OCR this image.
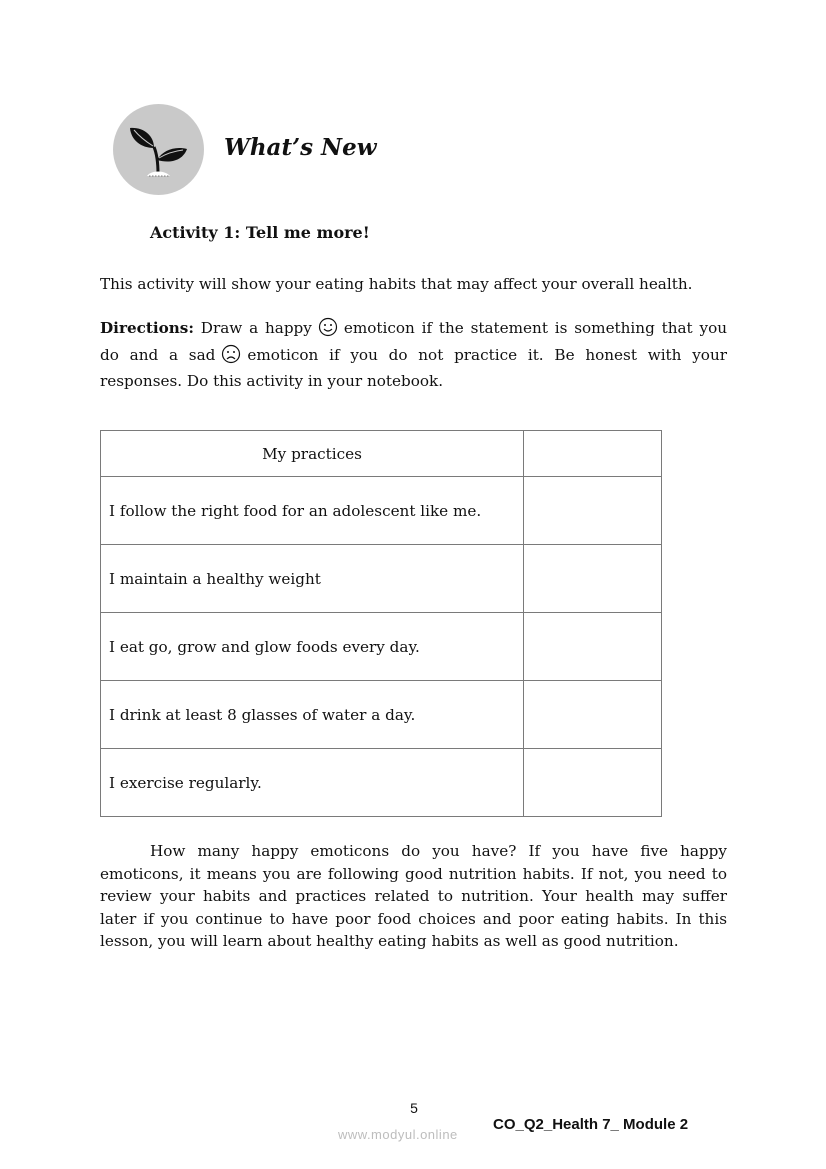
What’s New
Activity 1: Tell me more!
This activity will show your eating habits that may affect your overall health.
Directions: Draw a happy emoticon if the statement is something that you do and a sad emoticon if you do not practice it. Be honest with your responses. Do this activity in your notebook.
My practices	
I follow the right food for an adolescent like me.	
I maintain a healthy weight	
I eat go, grow and glow foods every day.	
I drink at least 8 glasses of water a day.	
I exercise regularly.	
How many happy emoticons do you have? If you have five happy emoticons, it means you are following good nutrition habits. If not, you need to review your habits and practices related to nutrition. Your health may suffer later if you continue to have poor food choices and poor eating habits. In this lesson, you will learn about healthy eating habits as well as good nutrition.
5
www.modyul.online
CO_Q2_Health 7_ Module 2
